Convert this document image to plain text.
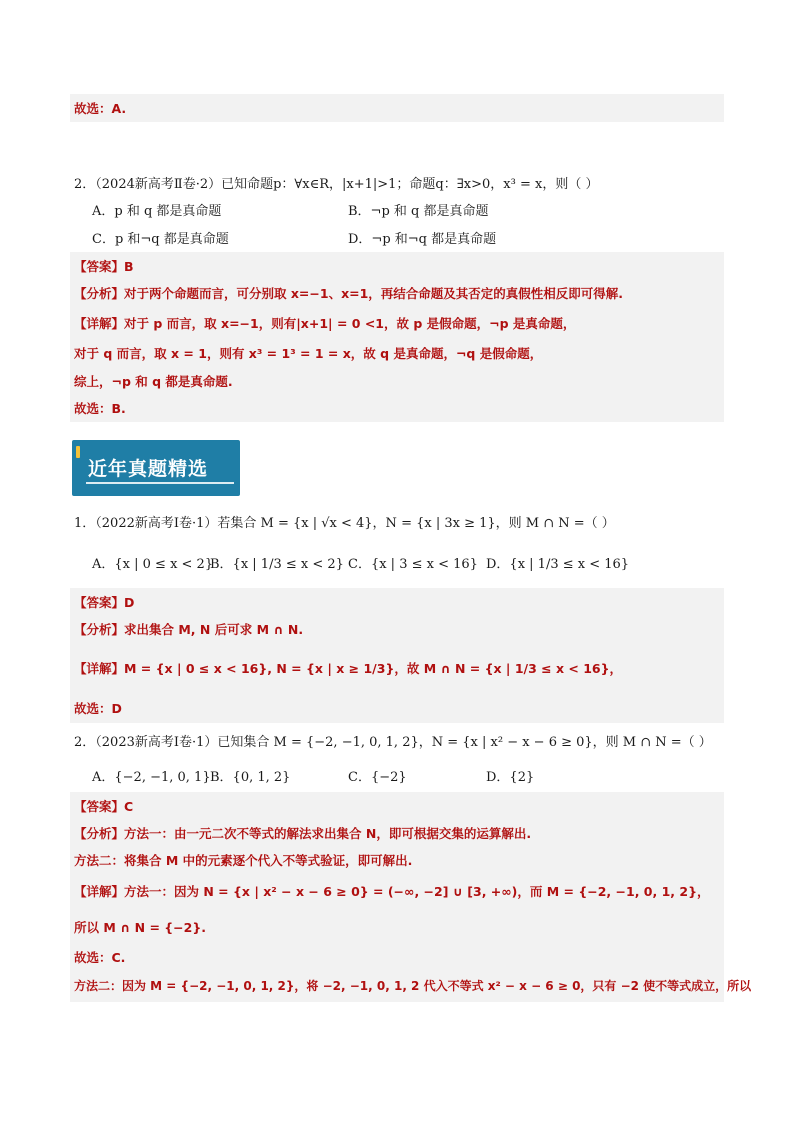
故选：A.
2．（2024新高考Ⅱ卷·2）已知命题p：∀x∈R，|x+1|>1；命题q：∃x>0，x³ = x，则（ ）
A．p 和 q 都是真命题	B．¬p 和 q 都是真命题
C．p 和¬q 都是真命题	D．¬p 和¬q 都是真命题
【答案】B
【分析】对于两个命题而言，可分别取 x=−1、x=1，再结合命题及其否定的真假性相反即可得解.
【详解】对于 p 而言，取 x=−1，则有|x+1| = 0 <1，故 p 是假命题，¬p 是真命题，
对于 q 而言，取 x = 1，则有 x³ = 1³ = 1 = x，故 q 是真命题，¬q 是假命题，
综上，¬p 和 q 都是真命题.
故选：B.
近年真题精选
1．（2022新高考Ⅰ卷·1）若集合 M = {x | √x < 4}，N = {x | 3x ≥ 1}，则 M ∩ N =（ ）
A．{x | 0 ≤ x < 2}
B．{x | 1/3 ≤ x < 2} C．{x | 3 ≤ x < 16} D．{x | 1/3 ≤ x < 16}
【答案】D
【分析】求出集合 M, N 后可求 M ∩ N.
【详解】M = {x | 0 ≤ x < 16}, N = {x | x ≥ 1/3}，故 M ∩ N = {x | 1/3 ≤ x < 16}，
故选：D
2．（2023新高考Ⅰ卷·1）已知集合 M = {−2, −1, 0, 1, 2}，N = {x | x² − x − 6 ≥ 0}，则 M ∩ N =（ ）
A．{−2, −1, 0, 1} B．{0, 1, 2}	C．{−2}	D．{2}
【答案】C
【分析】方法一：由一元二次不等式的解法求出集合 N，即可根据交集的运算解出.
方法二：将集合 M 中的元素逐个代入不等式验证，即可解出.
【详解】方法一：因为 N = {x | x² − x − 6 ≥ 0} = (−∞, −2] ∪ [3, +∞)，而 M = {−2, −1, 0, 1, 2}，
所以 M ∩ N = {−2}.
故选：C.
方法二：因为 M = {−2, −1, 0, 1, 2}，将 −2, −1, 0, 1, 2 代入不等式 x² − x − 6 ≥ 0，只有 −2 使不等式成立，所以
